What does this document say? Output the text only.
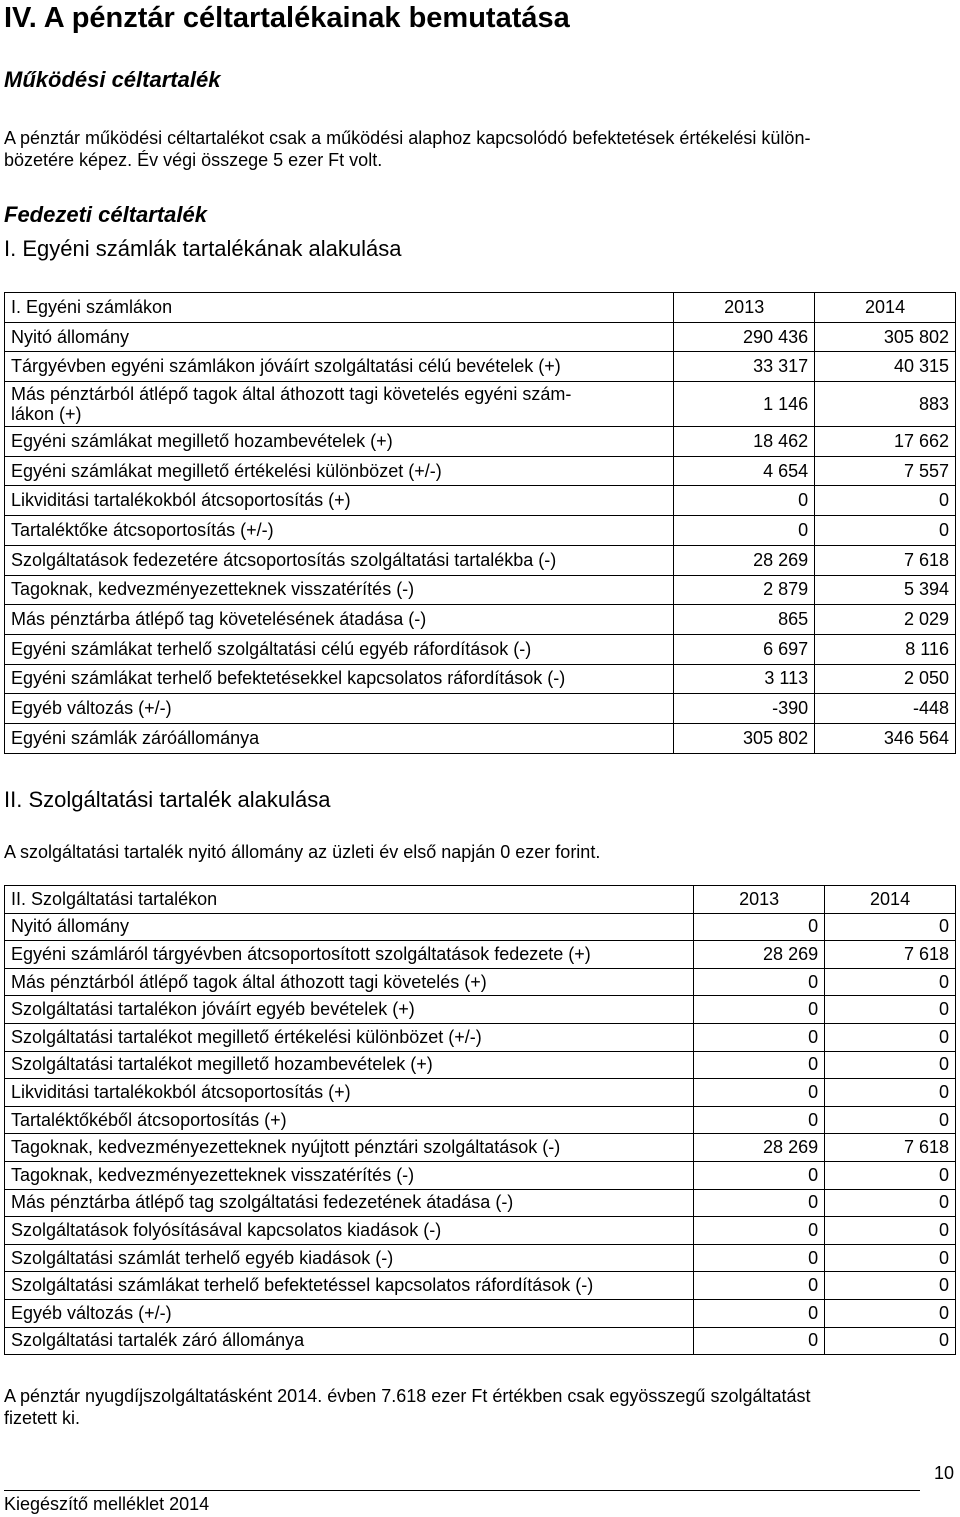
IV. A pénztár céltartalékainak bemutatása
Működési céltartalék
A pénztár működési céltartalékot csak a működési alaphoz kapcsolódó befektetések értékelési külön-
bözetére képez. Év végi összege 5 ezer Ft volt.
Fedezeti céltartalék
I. Egyéni számlák tartalékának alakulása
I. Egyéni számlákon	2013	2014
Nyitó állomány	290 436	305 802
Tárgyévben egyéni számlákon jóváírt szolgáltatási célú bevételek (+)	33 317	40 315

Más pénztárból átlépő tagok által áthozott tagi követelés egyéni szám-
lákon (+)	1 146	883
Egyéni számlákat megillető hozambevételek (+)	18 462	17 662
Egyéni számlákat megillető értékelési különbözet (+/-)	4 654	7 557
Likviditási tartalékokból átcsoportosítás (+)	0	0
Tartaléktőke átcsoportosítás (+/-)	0	0
Szolgáltatások fedezetére átcsoportosítás szolgáltatási tartalékba (-)	28 269	7 618
Tagoknak, kedvezményezetteknek visszatérítés (-)	2 879	5 394
Más pénztárba átlépő tag követelésének átadása (-)	865	2 029
Egyéni számlákat terhelő szolgáltatási célú egyéb ráfordítások (-)	6 697	8 116
Egyéni számlákat terhelő befektetésekkel kapcsolatos ráfordítások (-)	3 113	2 050
Egyéb változás (+/-)	-390	-448
Egyéni számlák záróállománya	305 802	346 564
II. Szolgáltatási tartalék alakulása
A szolgáltatási tartalék nyitó állomány az üzleti év első napján 0 ezer forint.
II. Szolgáltatási tartalékon	2013	2014
Nyitó állomány	0	0
Egyéni számláról tárgyévben átcsoportosított szolgáltatások fedezete (+)	28 269	7 618
Más pénztárból átlépő tagok által áthozott tagi követelés (+)	0	0
Szolgáltatási tartalékon jóváírt egyéb bevételek (+)	0	0
Szolgáltatási tartalékot megillető értékelési különbözet (+/-)	0	0
Szolgáltatási tartalékot megillető hozambevételek (+)	0	0
Likviditási tartalékokból átcsoportosítás (+)	0	0
Tartaléktőkéből átcsoportosítás (+)	0	0
Tagoknak, kedvezményezetteknek nyújtott pénztári szolgáltatások (-)	28 269	7 618
Tagoknak, kedvezményezetteknek visszatérítés (-)	0	0
Más pénztárba átlépő tag szolgáltatási fedezetének átadása (-)	0	0
Szolgáltatások folyósításával kapcsolatos kiadások (-)	0	0
Szolgáltatási számlát terhelő egyéb kiadások (-)	0	0
Szolgáltatási számlákat terhelő befektetéssel kapcsolatos ráfordítások (-)	0	0
Egyéb változás (+/-)	0	0
Szolgáltatási tartalék záró állománya	0	0
A pénztár nyugdíjszolgáltatásként 2014. évben 7.618 ezer Ft értékben csak egyösszegű szolgáltatást
fizetett ki.
10
Kiegészítő melléklet 2014
